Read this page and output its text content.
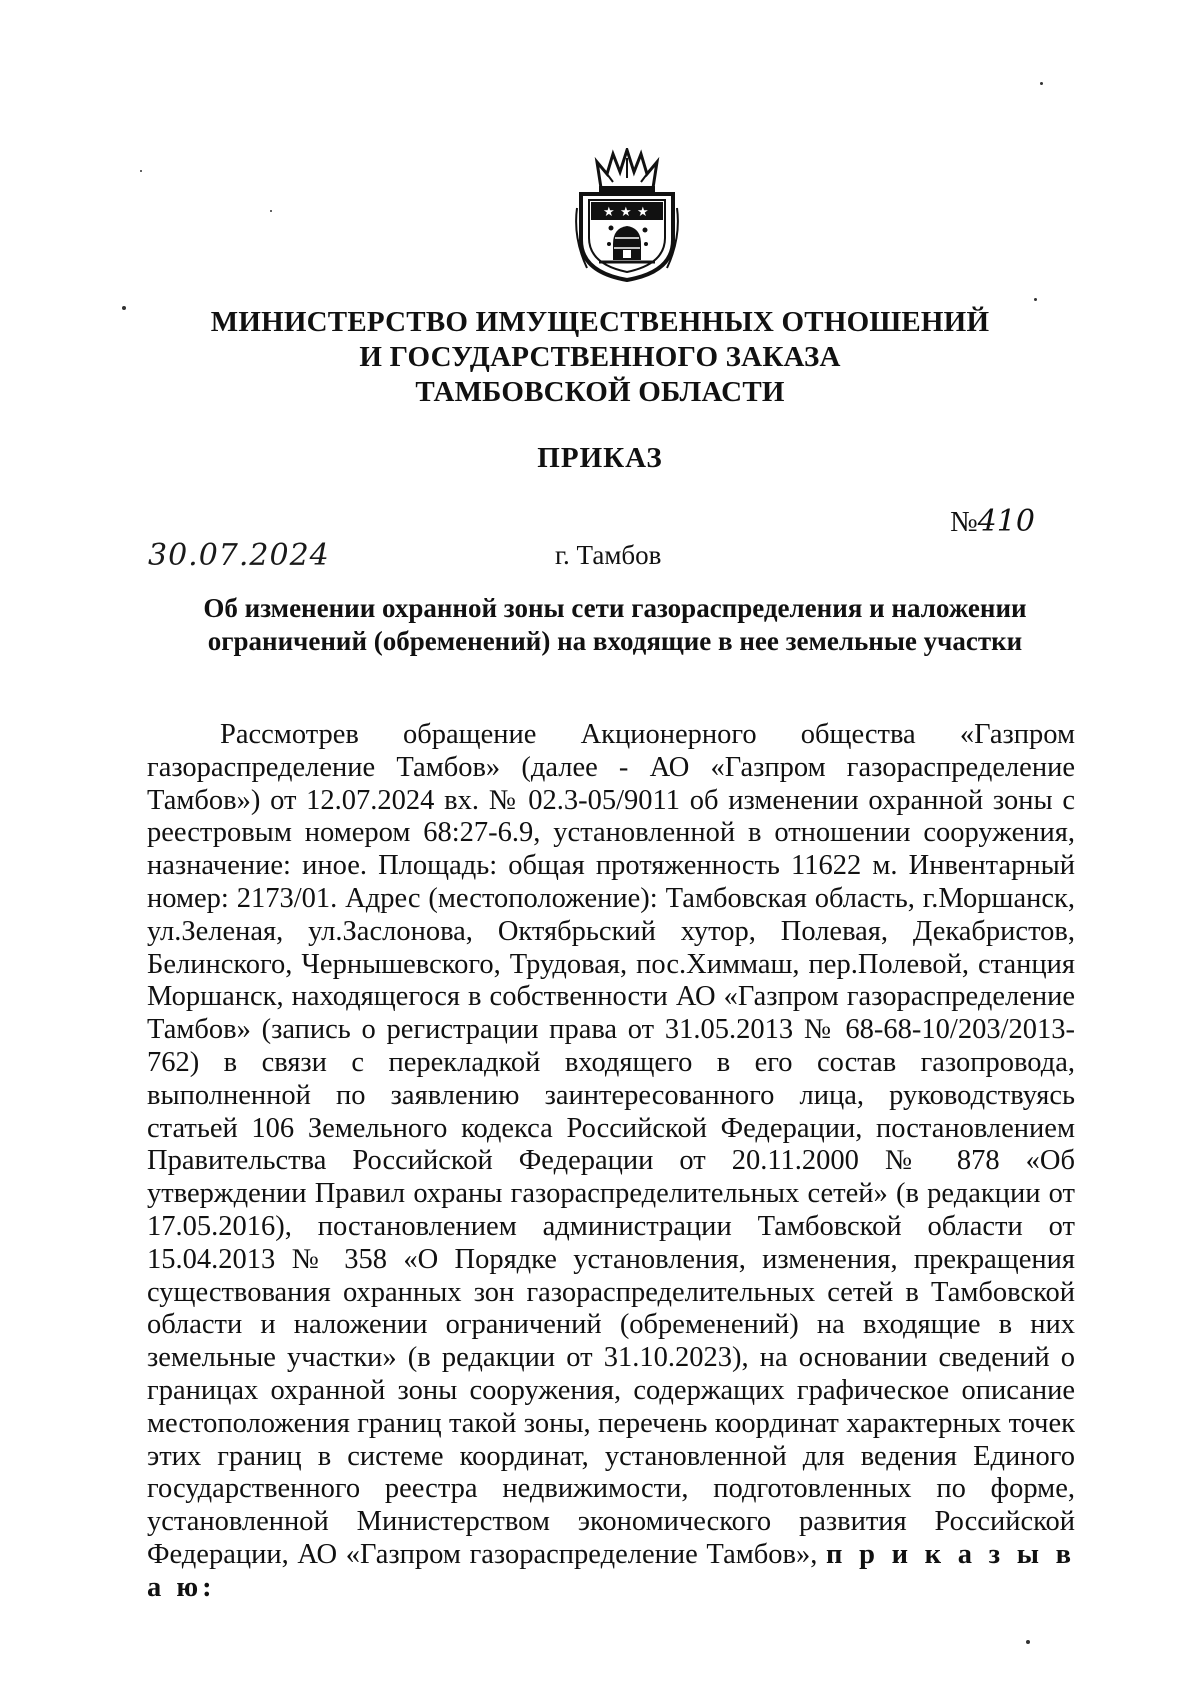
★ ★ ★
МИНИСТЕРСТВО ИМУЩЕСТВЕННЫХ ОТНОШЕНИЙ
И ГОСУДАРСТВЕННОГО ЗАКАЗА
ТАМБОВСКОЙ ОБЛАСТИ
ПРИКАЗ
№410
30.07.2024	г. Тамбов
Об изменении охранной зоны сети газораспределения и наложении
ограничений (обременений) на входящие в нее земельные участки
Рассмотрев обращение Акционерного общества «Газпром газораспределение Тамбов» (далее - АО «Газпром газораспределение Тамбов») от 12.07.2024 вх. № 02.3-05/9011 об изменении охранной зоны с реестровым номером 68:27-6.9, установленной в отношении сооружения, назначение: иное. Площадь: общая протяженность 11622 м. Инвентарный номер: 2173/01. Адрес (местоположение): Тамбовская область, г.Моршанск, ул.Зеленая, ул.Заслонова, Октябрьский хутор, Полевая, Декабристов, Белинского, Чернышевского, Трудовая, пос.Химмаш, пер.Полевой, станция Моршанск, находящегося в собственности АО «Газпром газораспределение Тамбов» (запись о регистрации права от 31.05.2013 № 68-68-10/203/2013-762) в связи с перекладкой входящего в его состав газопровода, выполненной по заявлению заинтересованного лица, руководствуясь статьей 106 Земельного кодекса Российской Федерации, постановлением Правительства Российской Федерации от 20.11.2000 № 878 «Об утверждении Правил охраны газораспределительных сетей» (в редакции от 17.05.2016), постановлением администрации Тамбовской области от 15.04.2013 № 358 «О Порядке установления, изменения, прекращения существования охранных зон газораспределительных сетей в Тамбовской области и наложении ограничений (обременений) на входящие в них земельные участки» (в редакции от 31.10.2023), на основании сведений о границах охранной зоны сооружения, содержащих графическое описание местоположения границ такой зоны, перечень координат характерных точек этих границ в системе координат, установленной для ведения Единого государственного реестра недвижимости, подготовленных по форме, установленной Министерством экономического развития Российской Федерации, АО «Газпром газораспределение Тамбов», п р и к а з ы в а ю:
